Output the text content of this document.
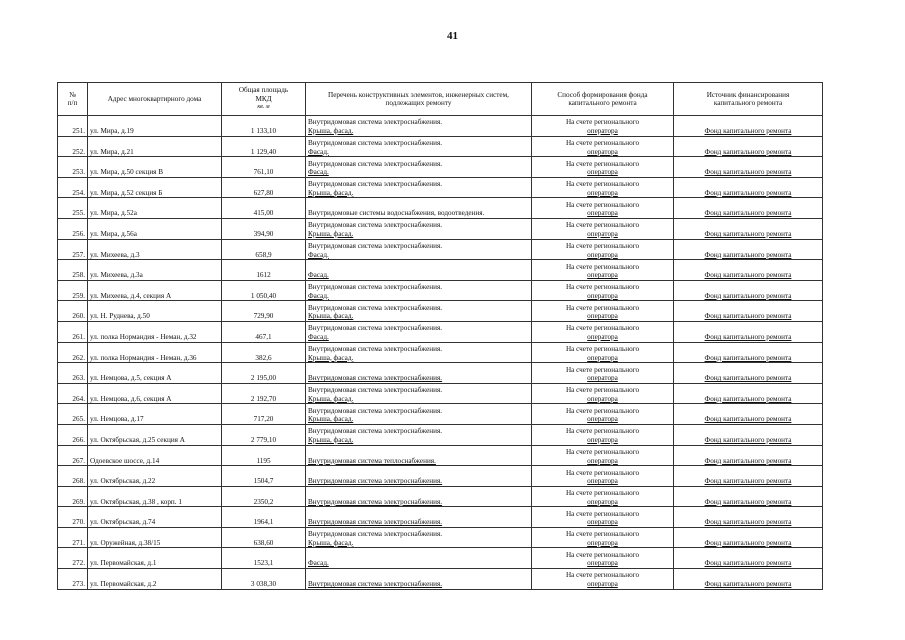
41
№
п/п	Адрес многоквартирного дома	Общая площадь
МКД
кв. м	Перечень конструктивных элементов, инженерных систем,
подлежащих ремонту	Способ формирования фонда
капитального ремонта	Источник финансирования
капитального ремонта

251.	ул. Мира, д.19	1 133,10	Внутридомовая система электроснабжения.
Крыша, фасад.	На счете регионального
оператора	Фонд капитального ремонта

252.	ул. Мира, д.21	1 129,40	Внутридомовая система электроснабжения.
Фасад.	На счете регионального
оператора	Фонд капитального ремонта

253.	ул. Мира, д.50 секция В	761,10	Внутридомовая система электроснабжения.
Фасад.	На счете регионального
оператора	Фонд капитального ремонта

254.	ул. Мира, д.52 секция Б	627,80	Внутридомовая система электроснабжения.
Крыша, фасад.	На счете регионального
оператора	Фонд капитального ремонта

255.	ул. Мира, д.52а	415,00	Внутридомовые системы водоснабжения, водоотведения.	На счете регионального
оператора	Фонд капитального ремонта

256.	ул. Мира, д.56а	394,90	Внутридомовая система электроснабжения.
Крыша, фасад.	На счете регионального
оператора	Фонд капитального ремонта

257.	ул. Михеева, д.3	658,9	Внутридомовая система электроснабжения.
Фасад.	На счете регионального
оператора	Фонд капитального ремонта

258.	ул. Михеева, д.3а	1612	Фасад.	На счете регионального
оператора	Фонд капитального ремонта

259.	ул. Михеева, д.4, секция А	1 050,40	Внутридомовая система электроснабжения.
Фасад.	На счете регионального
оператора	Фонд капитального ремонта

260.	ул. Н. Руднева, д.50	729,90	Внутридомовая система электроснабжения.
Крыша, фасад.	На счете регионального
оператора	Фонд капитального ремонта

261.	ул. полка Нормандия - Неман, д.32	467,1	Внутридомовая система электроснабжения.
Фасад.	На счете регионального
оператора	Фонд капитального ремонта

262.	ул. полка Нормандия - Неман, д.36	382,6	Внутридомовая система электроснабжения.
Крыша, фасад.	На счете регионального
оператора	Фонд капитального ремонта

263.	ул. Немцова, д.5, секция А	2 195,00	Внутридомовая система электроснабжения.	На счете регионального
оператора	Фонд капитального ремонта

264.	ул. Немцова, д.6, секция А	2 192,70	Внутридомовая система электроснабжения.
Крыша, фасад.	На счете регионального
оператора	Фонд капитального ремонта

265.	ул. Немцова, д.17	717,20	Внутридомовая система электроснабжения.
Крыша, фасад.	На счете регионального
оператора	Фонд капитального ремонта

266.	ул. Октябрьская, д.25 секция А	2 779,10	Внутридомовая система электроснабжения.
Крыша, фасад.	На счете регионального
оператора	Фонд капитального ремонта

267.	Одоевское шоссе, д.14	1195	Внутридомовая система теплоснабжения.	На счете регионального
оператора	Фонд капитального ремонта

268.	ул. Октябрьская, д.22	1504,7	Внутридомовая система электроснабжения.	На счете регионального
оператора	Фонд капитального ремонта

269.	ул. Октябрьская, д.38 , корп. 1	2350,2	Внутридомовая система электроснабжения.	На счете регионального
оператора	Фонд капитального ремонта

270.	ул. Октябрьская, д.74	1964,1	Внутридомовая система электроснабжения.	На счете регионального
оператора	Фонд капитального ремонта

271.	ул. Оружейная, д.38/15	638,60	Внутридомовая система электроснабжения.
Крыша, фасад.	На счете регионального
оператора	Фонд капитального ремонта

272.	ул. Первомайская, д.1	1523,1	Фасад.	На счете регионального
оператора	Фонд капитального ремонта

273.	ул. Первомайская, д.2	3 038,30	Внутридомовая система электроснабжения.	На счете регионального
оператора	Фонд капитального ремонта
